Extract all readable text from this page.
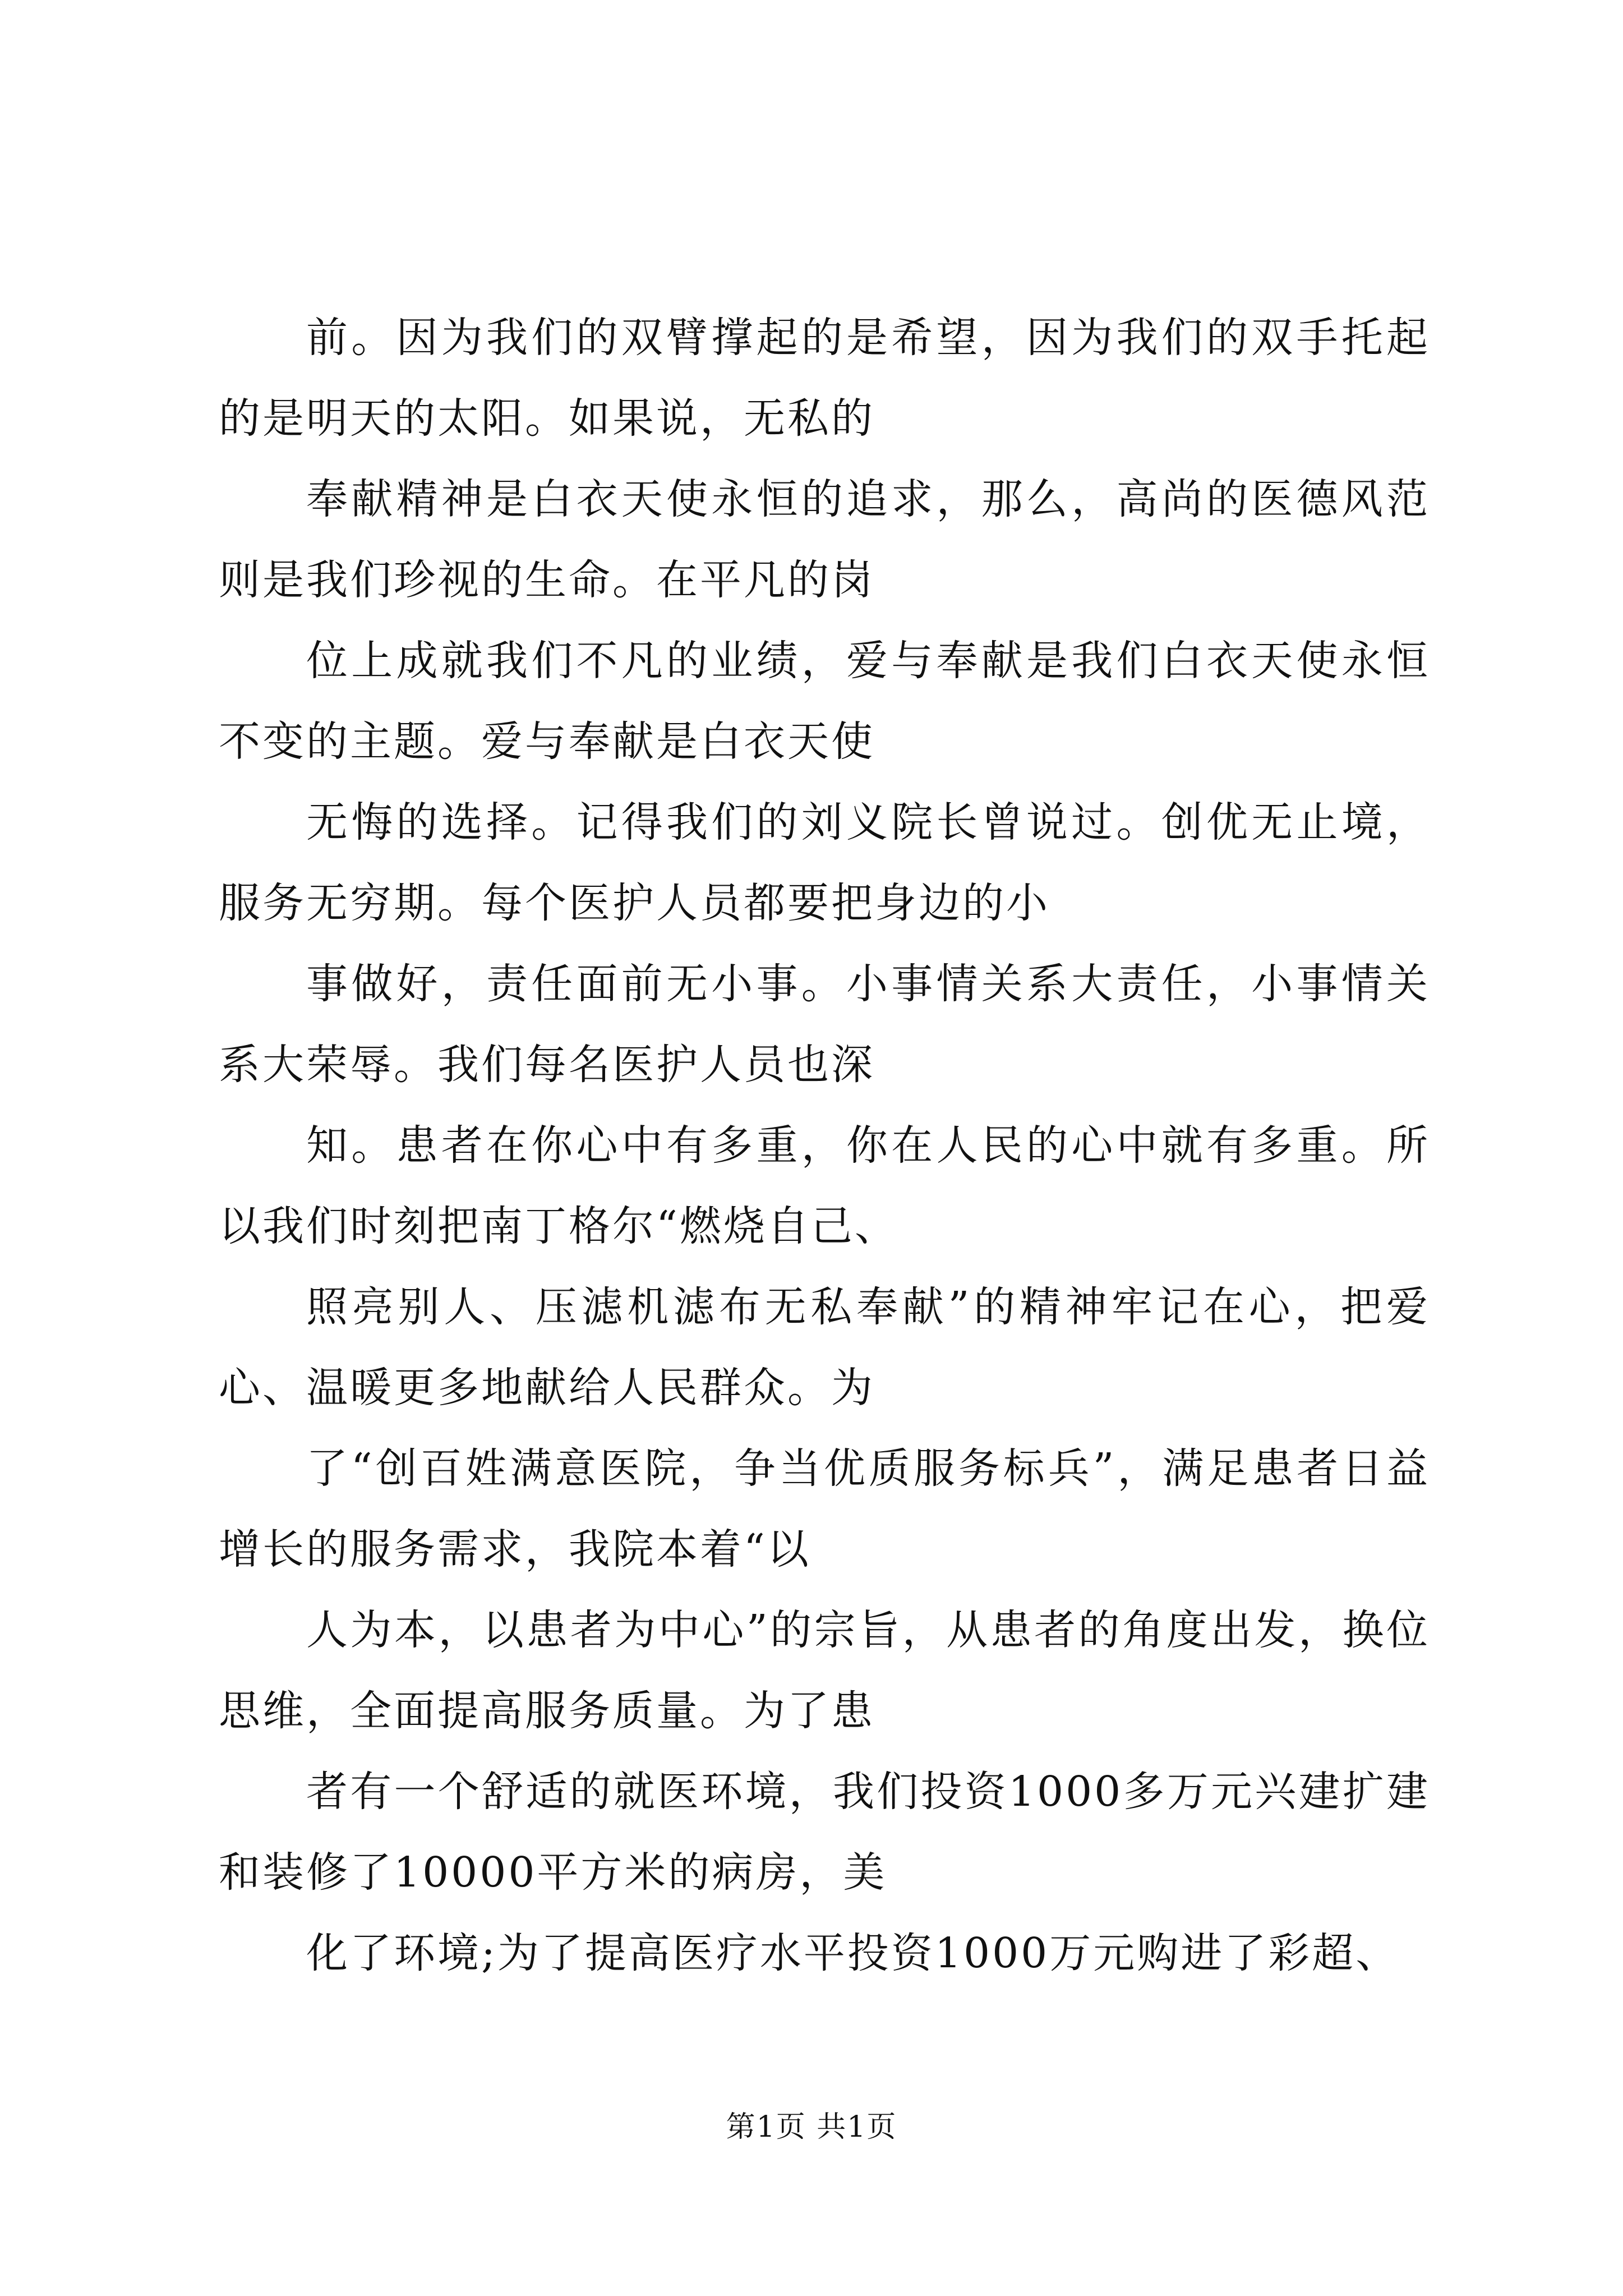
前。因为我们的双臂撑起的是希望，因为我们的双手托起的是明天的太阳。如果说，无私的

奉献精神是白衣天使永恒的追求，那么，高尚的医德风范则是我们珍视的生命。在平凡的岗

位上成就我们不凡的业绩，爱与奉献是我们白衣天使永恒不变的主题。爱与奉献是白衣天使

无悔的选择。记得我们的刘义院长曾说过。创优无止境，服务无穷期。每个医护人员都要把身边的小

事做好，责任面前无小事。小事情关系大责任，小事情关系大荣辱。我们每名医护人员也深

知。患者在你心中有多重，你在人民的心中就有多重。所以我们时刻把南丁格尔“燃烧自己、

照亮别人、压滤机滤布无私奉献”的精神牢记在心，把爱心、温暖更多地献给人民群众。为

了“创百姓满意医院，争当优质服务标兵”，满足患者日益增长的服务需求，我院本着“以

人为本，以患者为中心”的宗旨，从患者的角度出发，换位思维，全面提高服务质量。为了患

者有一个舒适的就医环境，我们投资1000多万元兴建扩建和装修了10000平方米的病房，美

化了环境;为了提高医疗水平投资1000万元购进了彩超、

第1页 共1页
